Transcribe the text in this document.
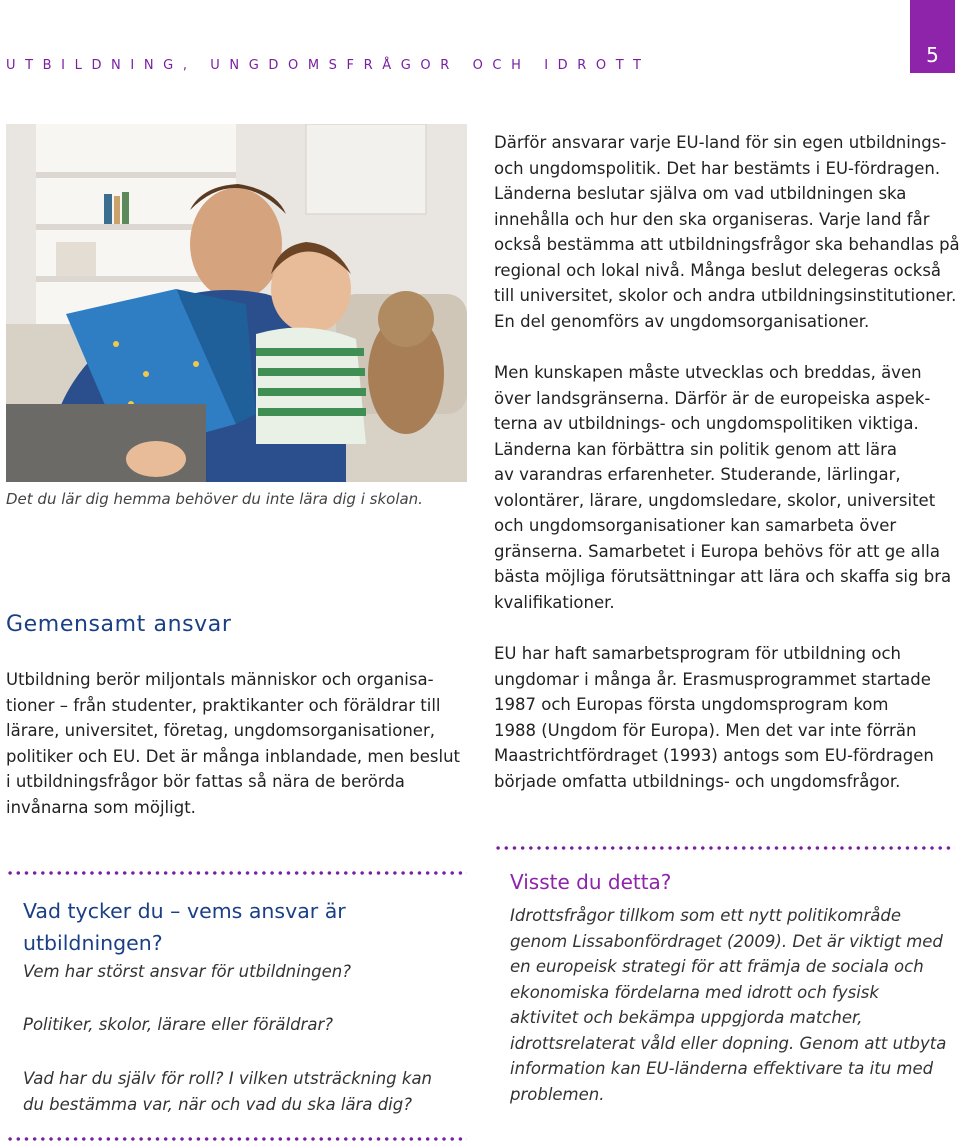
UTBILDNING, UNGDOMSFRÅGOR OCH IDROTT	5
Det du lär dig hemma behöver du inte lära dig i skolan.
Gemensamt ansvar
Utbildning berör miljontals människor och organisa-
tioner – från studenter, praktikanter och föräldrar till
lärare, universitet, företag, ungdomsorganisationer,
politiker och EU. Det är många inblandade, men beslut
i utbildningsfrågor bör fattas så nära de berörda
invånarna som möjligt.
Därför ansvarar varje EU-land för sin egen utbildnings-
och ungdomspolitik. Det har bestämts i EU-fördragen.
Länderna beslutar själva om vad utbildningen ska
innehålla och hur den ska organiseras. Varje land får
också bestämma att utbildningsfrågor ska behandlas på
regional och lokal nivå. Många beslut delegeras också
till universitet, skolor och andra utbildningsinstitutioner.
En del genomförs av ungdomsorganisationer.
Men kunskapen måste utvecklas och breddas, även
över landsgränserna. Därför är de europeiska aspek-
terna av utbildnings- och ungdomspolitiken viktiga.
Länderna kan förbättra sin politik genom att lära
av varandras erfarenheter. Studerande, lärlingar,
volontärer, lärare, ungdomsledare, skolor, universitet
och ungdomsorganisationer kan samarbeta över
gränserna. Samarbetet i Europa behövs för att ge alla
bästa möjliga förutsättningar att lära och skaffa sig bra
kvalifikationer.
EU har haft samarbetsprogram för utbildning och
ungdomar i många år. Erasmusprogrammet startade
1987 och Europas första ungdomsprogram kom
1988 (Ungdom för Europa). Men det var inte förrän
Maastrichtfördraget (1993) antogs som EU-fördragen
började omfatta utbildnings- och ungdomsfrågor.
Vad tycker du – vems ansvar är
utbildningen?
Vem har störst ansvar för utbildningen?
Politiker, skolor, lärare eller föräldrar?
Vad har du själv för roll? I vilken utsträckning kan
du bestämma var, när och vad du ska lära dig?
Visste du detta?
Idrottsfrågor tillkom som ett nytt politikområde
genom Lissabonfördraget (2009). Det är viktigt med
en europeisk strategi för att främja de sociala och
ekonomiska fördelarna med idrott och fysisk
aktivitet och bekämpa uppgjorda matcher,
idrottsrelaterat våld eller dopning. Genom att utbyta
information kan EU-länderna effektivare ta itu med
problemen.
